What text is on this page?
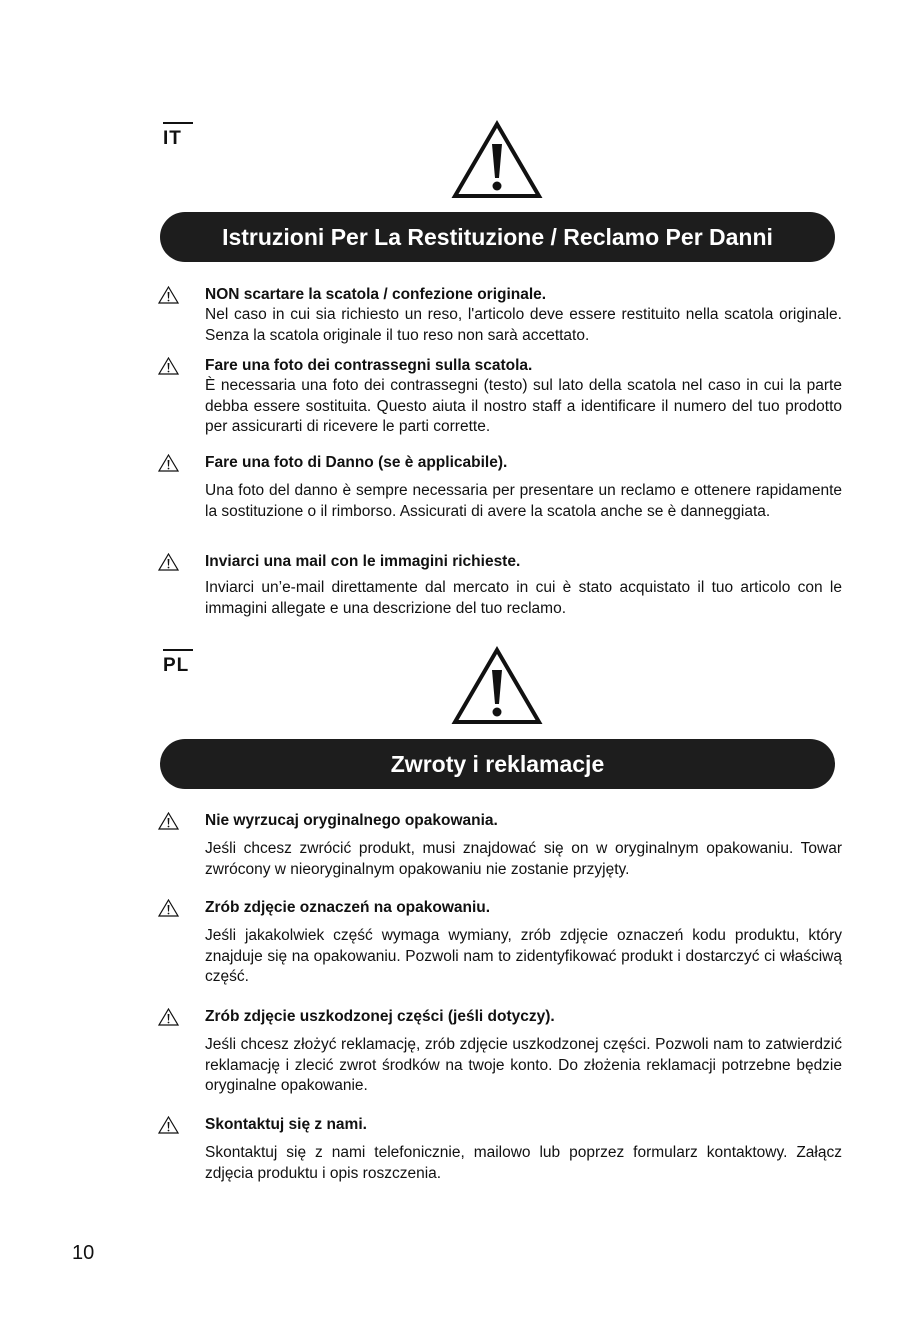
IT
Istruzioni Per La Restituzione / Reclamo Per Danni
NON scartare la scatola / confezione originale.
Nel caso in cui sia richiesto un reso, l'articolo deve essere restituito nella scatola originale. Senza la scatola originale il tuo reso non sarà accettato.
Fare una foto dei contrassegni sulla scatola.
È necessaria una foto dei contrassegni (testo) sul lato della scatola nel caso in cui la parte debba essere sostituita. Questo aiuta il nostro staff a identificare il numero del tuo prodotto per assicurarti di ricevere le parti corrette.
Fare una foto di Danno (se è applicabile).
Una foto del danno è sempre necessaria per presentare un reclamo e ottenere rapidamente la sostituzione o il rimborso. Assicurati di avere la scatola anche se è danneggiata.
Inviarci una mail con le immagini richieste.
Inviarci un’e-mail direttamente dal mercato in cui è stato acquistato il tuo articolo con le immagini allegate e una descrizione del tuo reclamo.
PL
Zwroty i reklamacje
Nie wyrzucaj oryginalnego opakowania.
Jeśli chcesz zwrócić produkt, musi znajdować się on w oryginalnym opakowaniu. Towar zwrócony w nieoryginalnym opakowaniu nie zostanie przyjęty.
Zrób zdjęcie oznaczeń na opakowaniu.
Jeśli jakakolwiek część wymaga wymiany, zrób zdjęcie oznaczeń kodu produktu, który znajduje się na opakowaniu. Pozwoli nam to zidentyfikować produkt i dostarczyć ci właściwą część.
Zrób zdjęcie uszkodzonej części (jeśli dotyczy).
Jeśli chcesz złożyć reklamację, zrób zdjęcie uszkodzonej części. Pozwoli nam to zatwierdzić reklamację i zlecić zwrot środków na twoje konto. Do złożenia reklamacji potrzebne będzie oryginalne opakowanie.
Skontaktuj się z nami.
Skontaktuj się z nami telefonicznie, mailowo lub poprzez formularz kontaktowy. Załącz zdjęcia produktu i opis roszczenia.
10
